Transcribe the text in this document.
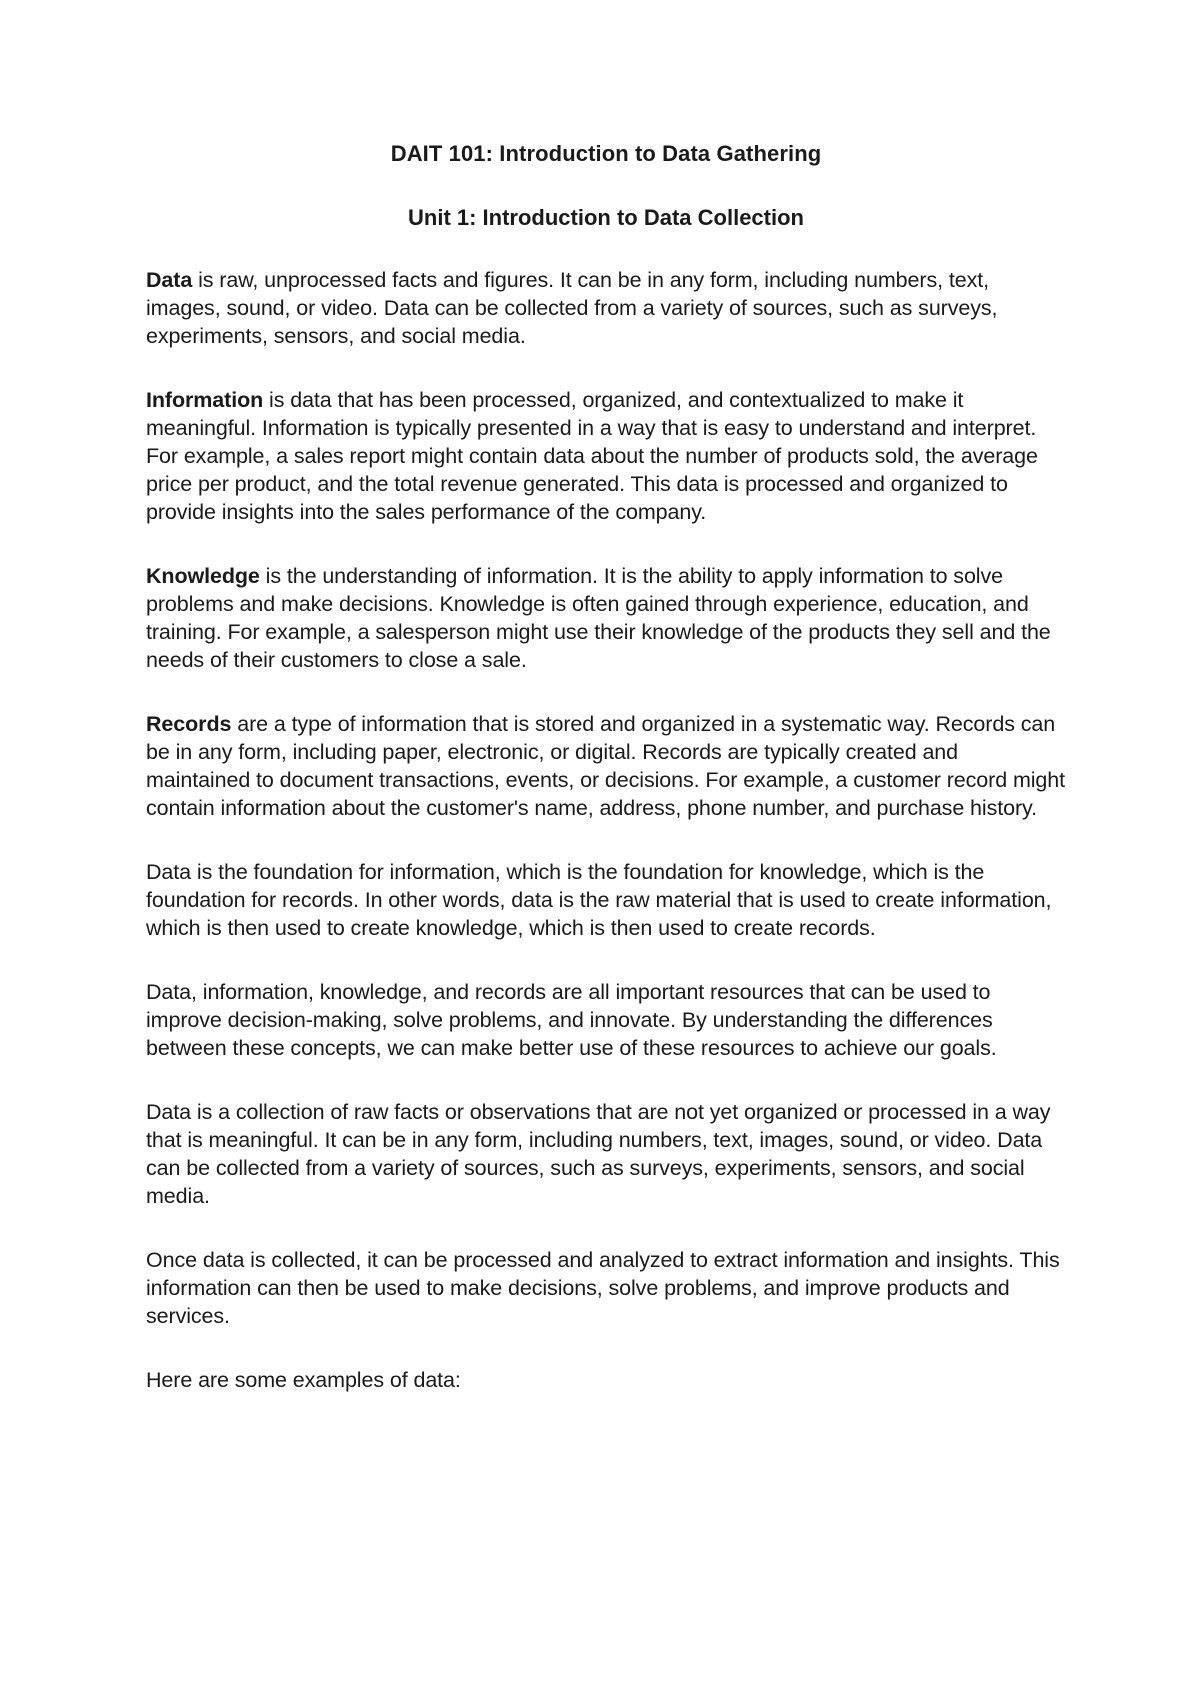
DAIT 101: Introduction to Data Gathering
Unit 1: Introduction to Data Collection

Data is raw, unprocessed facts and figures. It can be in any form, including numbers, text, images, sound, or video. Data can be collected from a variety of sources, such as surveys, experiments, sensors, and social media.

Information is data that has been processed, organized, and contextualized to make it meaningful. Information is typically presented in a way that is easy to understand and interpret. For example, a sales report might contain data about the number of products sold, the average price per product, and the total revenue generated. This data is processed and organized to provide insights into the sales performance of the company.

Knowledge is the understanding of information. It is the ability to apply information to solve problems and make decisions. Knowledge is often gained through experience, education, and training. For example, a salesperson might use their knowledge of the products they sell and the needs of their customers to close a sale.

Records are a type of information that is stored and organized in a systematic way. Records can be in any form, including paper, electronic, or digital. Records are typically created and maintained to document transactions, events, or decisions. For example, a customer record might contain information about the customer's name, address, phone number, and purchase history.

Data is the foundation for information, which is the foundation for knowledge, which is the foundation for records. In other words, data is the raw material that is used to create information, which is then used to create knowledge, which is then used to create records.

Data, information, knowledge, and records are all important resources that can be used to improve decision-making, solve problems, and innovate. By understanding the differences between these concepts, we can make better use of these resources to achieve our goals.

Data is a collection of raw facts or observations that are not yet organized or processed in a way that is meaningful. It can be in any form, including numbers, text, images, sound, or video. Data can be collected from a variety of sources, such as surveys, experiments, sensors, and social media.

Once data is collected, it can be processed and analyzed to extract information and insights. This information can then be used to make decisions, solve problems, and improve products and services.

Here are some examples of data:
